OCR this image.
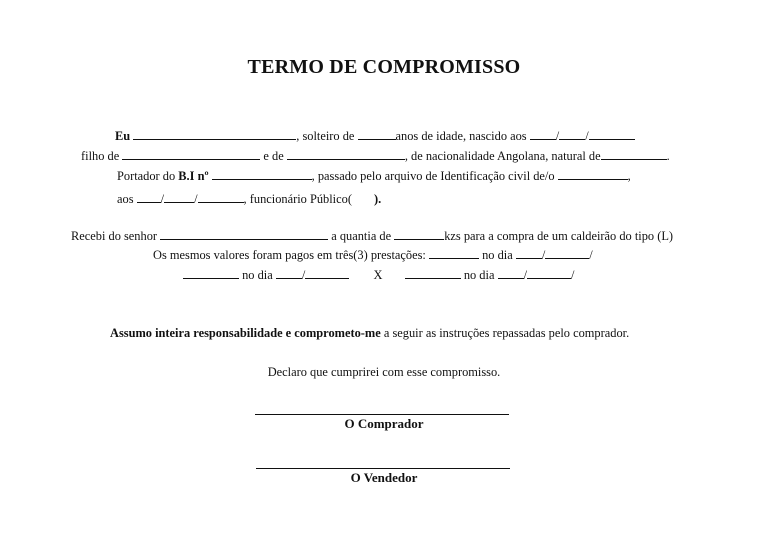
TERMO DE COMPROMISSO
Eu	, solteiro de	anos de idade, nascido aos / /
filho de	e de	, de nacionalidade Angolana, natural de	.
Portador do B.I nº	, passado pelo arquivo de Identificação civil de/o	,
aos / /	, funcionário Público( ).
Recebi do senhor	a quantia de	kzs para a compra de um caldeirão do tipo (L)
Os mesmos valores foram pagos em três(3) prestações:	no dia /	/
no dia /	X	no dia /	/
Assumo inteira responsabilidade e comprometo-me a seguir as instruções repassadas pelo comprador.
Declaro que cumprirei com esse compromisso.
O Comprador
O Vendedor
